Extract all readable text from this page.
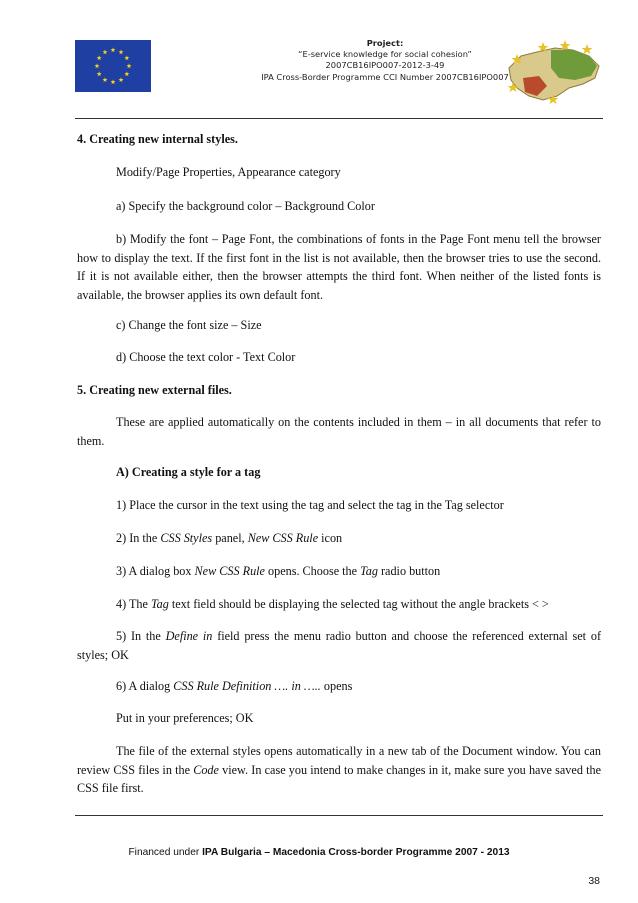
Project:
“E-service knowledge for social cohesion”
2007CB16IPO007-2012-3-49
IPA Cross-Border Programme CCI Number 2007CB16IPO007

4. Creating new internal styles.

Modify/Page Properties, Appearance category

a) Specify the background color – Background Color

b) Modify the font – Page Font, the combinations of fonts in the Page Font menu tell the browser how to display the text. If the first font in the list is not available, then the browser tries to use the second. If it is not available either, then the browser attempts the third font. When neither of the listed fonts is available, the browser applies its own default font.

c) Change the font size – Size

d) Choose the text color - Text Color

5. Creating new external files.

These are applied automatically on the contents included in them – in all documents that refer to them.

A) Creating a style for a tag

1) Place the cursor in the text using the tag and select the tag in the Tag selector

2) In the CSS Styles panel, New CSS Rule icon

3) A dialog box New CSS Rule opens. Choose the Tag radio button

4) The Tag text field should be displaying the selected tag without the angle brackets < >

5) In the Define in field press the menu radio button and choose the referenced external set of styles; OK

6) A dialog CSS Rule Definition …. in ….. opens

Put in your preferences; OK

The file of the external styles opens automatically in a new tab of the Document window. You can review CSS files in the Code view. In case you intend to make changes in it, make sure you have saved the CSS file first.

Financed under IPA Bulgaria – Macedonia Cross-border Programme 2007 - 2013
38
